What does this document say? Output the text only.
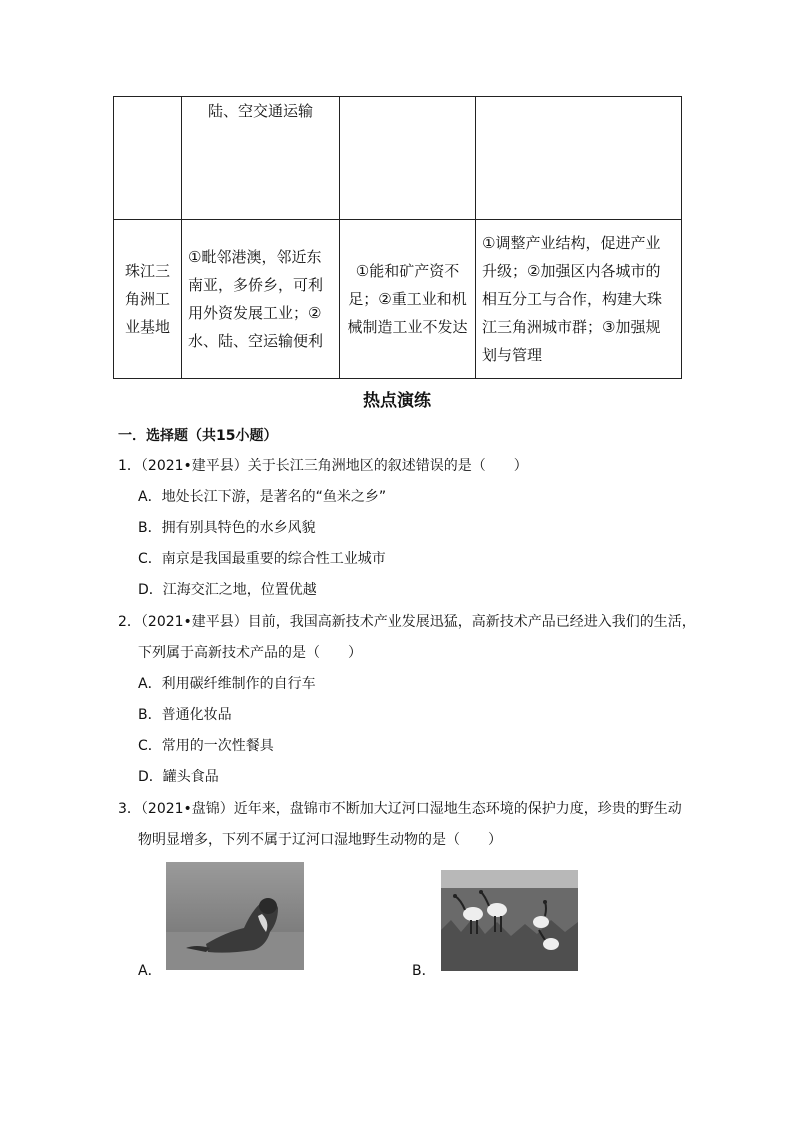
	陆、空交通运输		

珠江三角洲工业基地	①毗邻港澳，邻近东南亚，多侨乡，可利用外资发展工业；②水、陆、空运输便利	①能和矿产资不足；②重工业和机械制造工业不发达	①调整产业结构，促进产业升级；②加强区内各城市的相互分工与合作，构建大珠江三角洲城市群；③加强规划与管理
热点演练
一．选择题（共15小题）
1．（2021•建平县）关于长江三角洲地区的叙述错误的是（　　）
A．地处长江下游，是著名的“鱼米之乡”
B．拥有别具特色的水乡风貌
C．南京是我国最重要的综合性工业城市
D．江海交汇之地，位置优越
2．（2021•建平县）目前，我国高新技术产业发展迅猛，高新技术产品已经进入我们的生活，
下列属于高新技术产品的是（　　）
A．利用碳纤维制作的自行车
B．普通化妆品
C．常用的一次性餐具
D．罐头食品
3．（2021•盘锦）近年来，盘锦市不断加大辽河口湿地生态环境的保护力度，珍贵的野生动
物明显增多，下列不属于辽河口湿地野生动物的是（　　）
A．	B．
